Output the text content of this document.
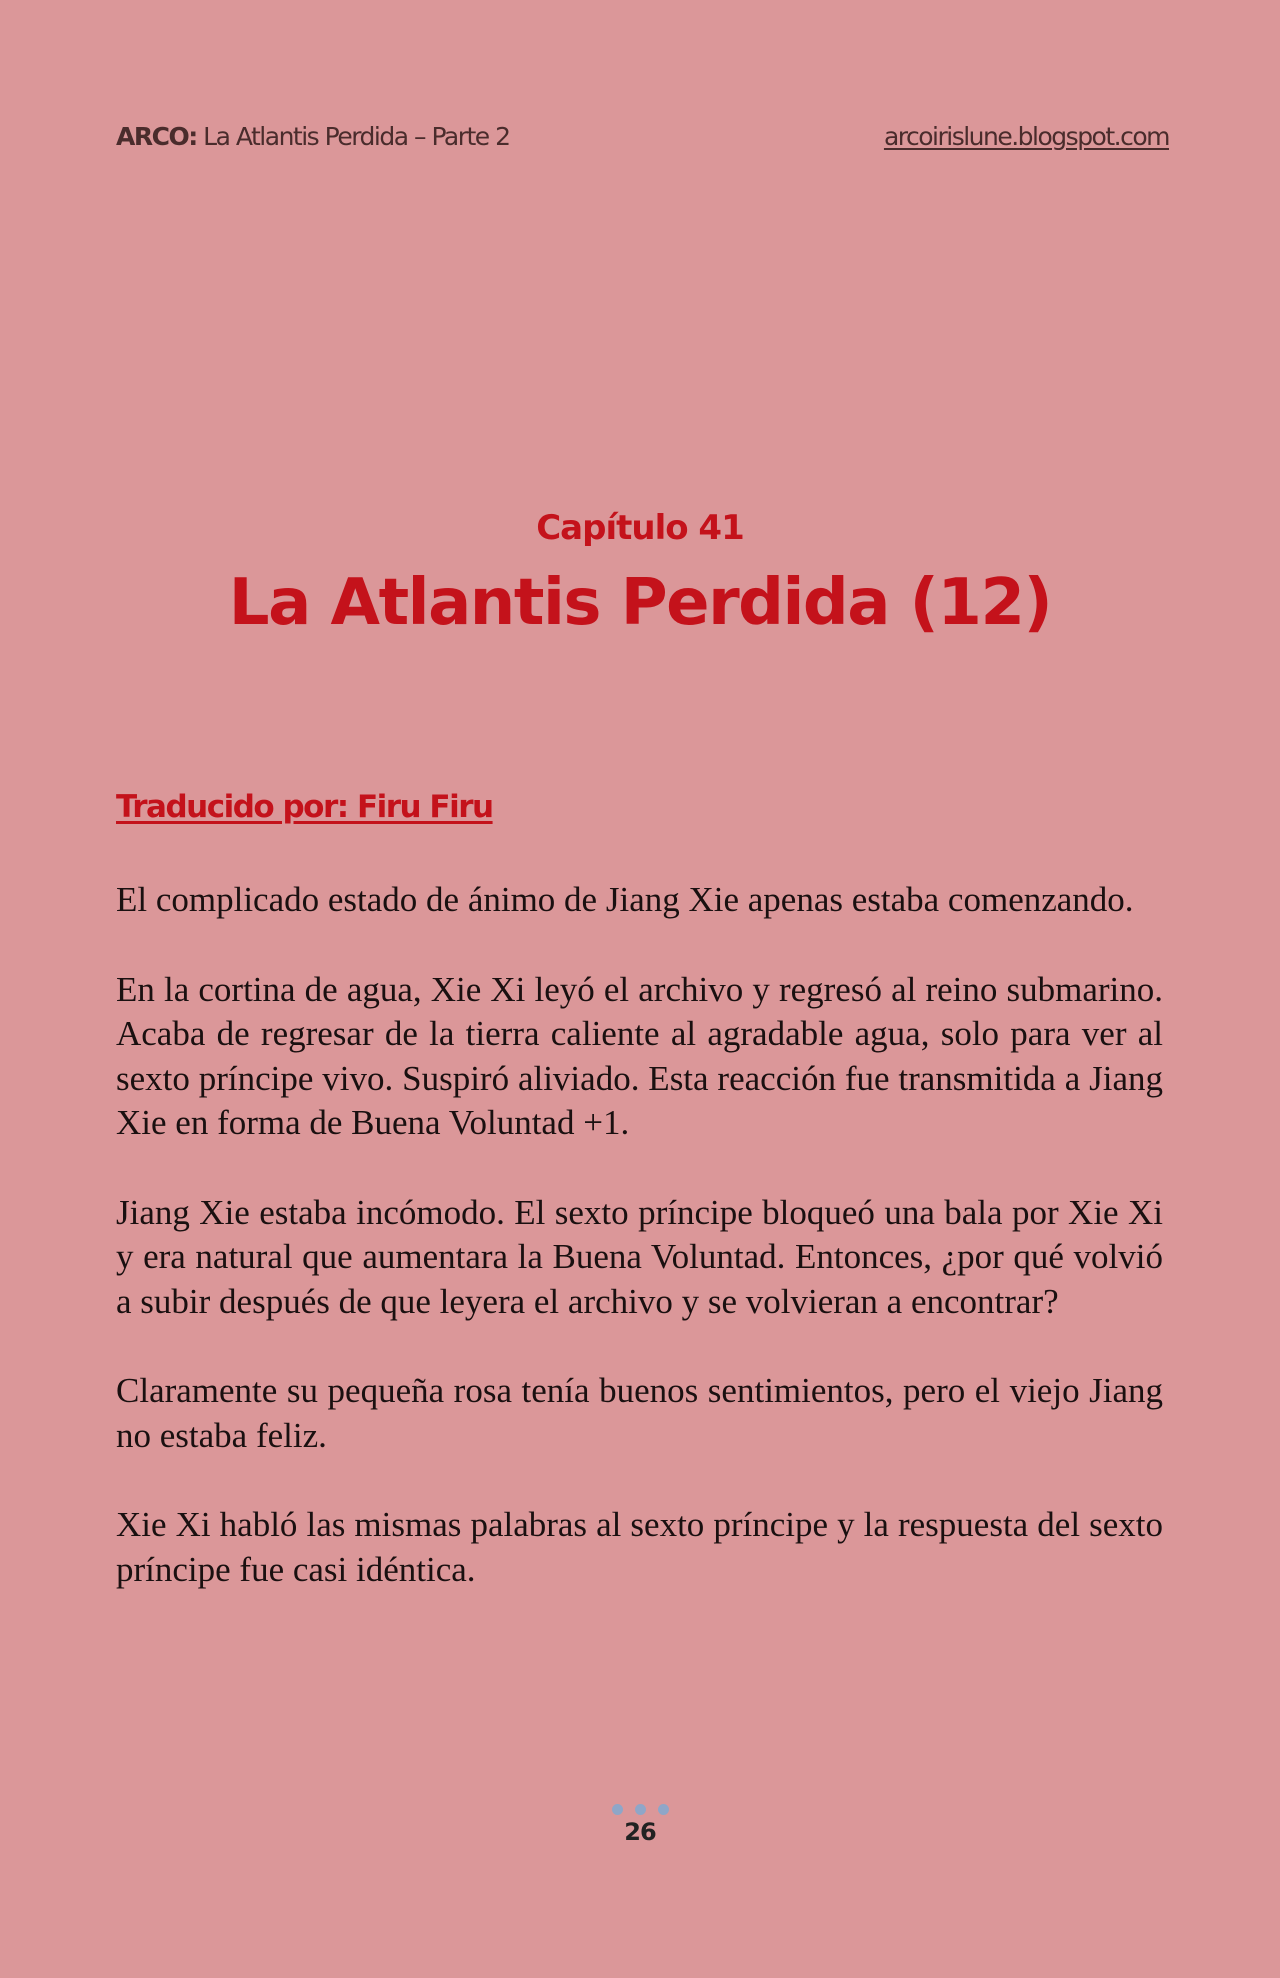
ARCO: La Atlantis Perdida – Parte 2	arcoirislune.blogspot.com
Capítulo 41
La Atlantis Perdida (12)
Traducido por: Firu Firu

El complicado estado de ánimo de Jiang Xie apenas estaba comenzando.

En la cortina de agua, Xie Xi leyó el archivo y regresó al reino submarino. Acaba de regresar de la tierra caliente al agradable agua, solo para ver al sexto príncipe vivo. Suspiró aliviado. Esta reacción fue transmitida a Jiang Xie en forma de Buena Voluntad +1.

Jiang Xie estaba incómodo. El sexto príncipe bloqueó una bala por Xie Xi y era natural que aumentara la Buena Voluntad. Entonces, ¿por qué volvió a subir después de que leyera el archivo y se volvieran a encontrar?

Claramente su pequeña rosa tenía buenos sentimientos, pero el viejo Jiang no estaba feliz.

Xie Xi habló las mismas palabras al sexto príncipe y la respuesta del sexto príncipe fue casi idéntica.

26
